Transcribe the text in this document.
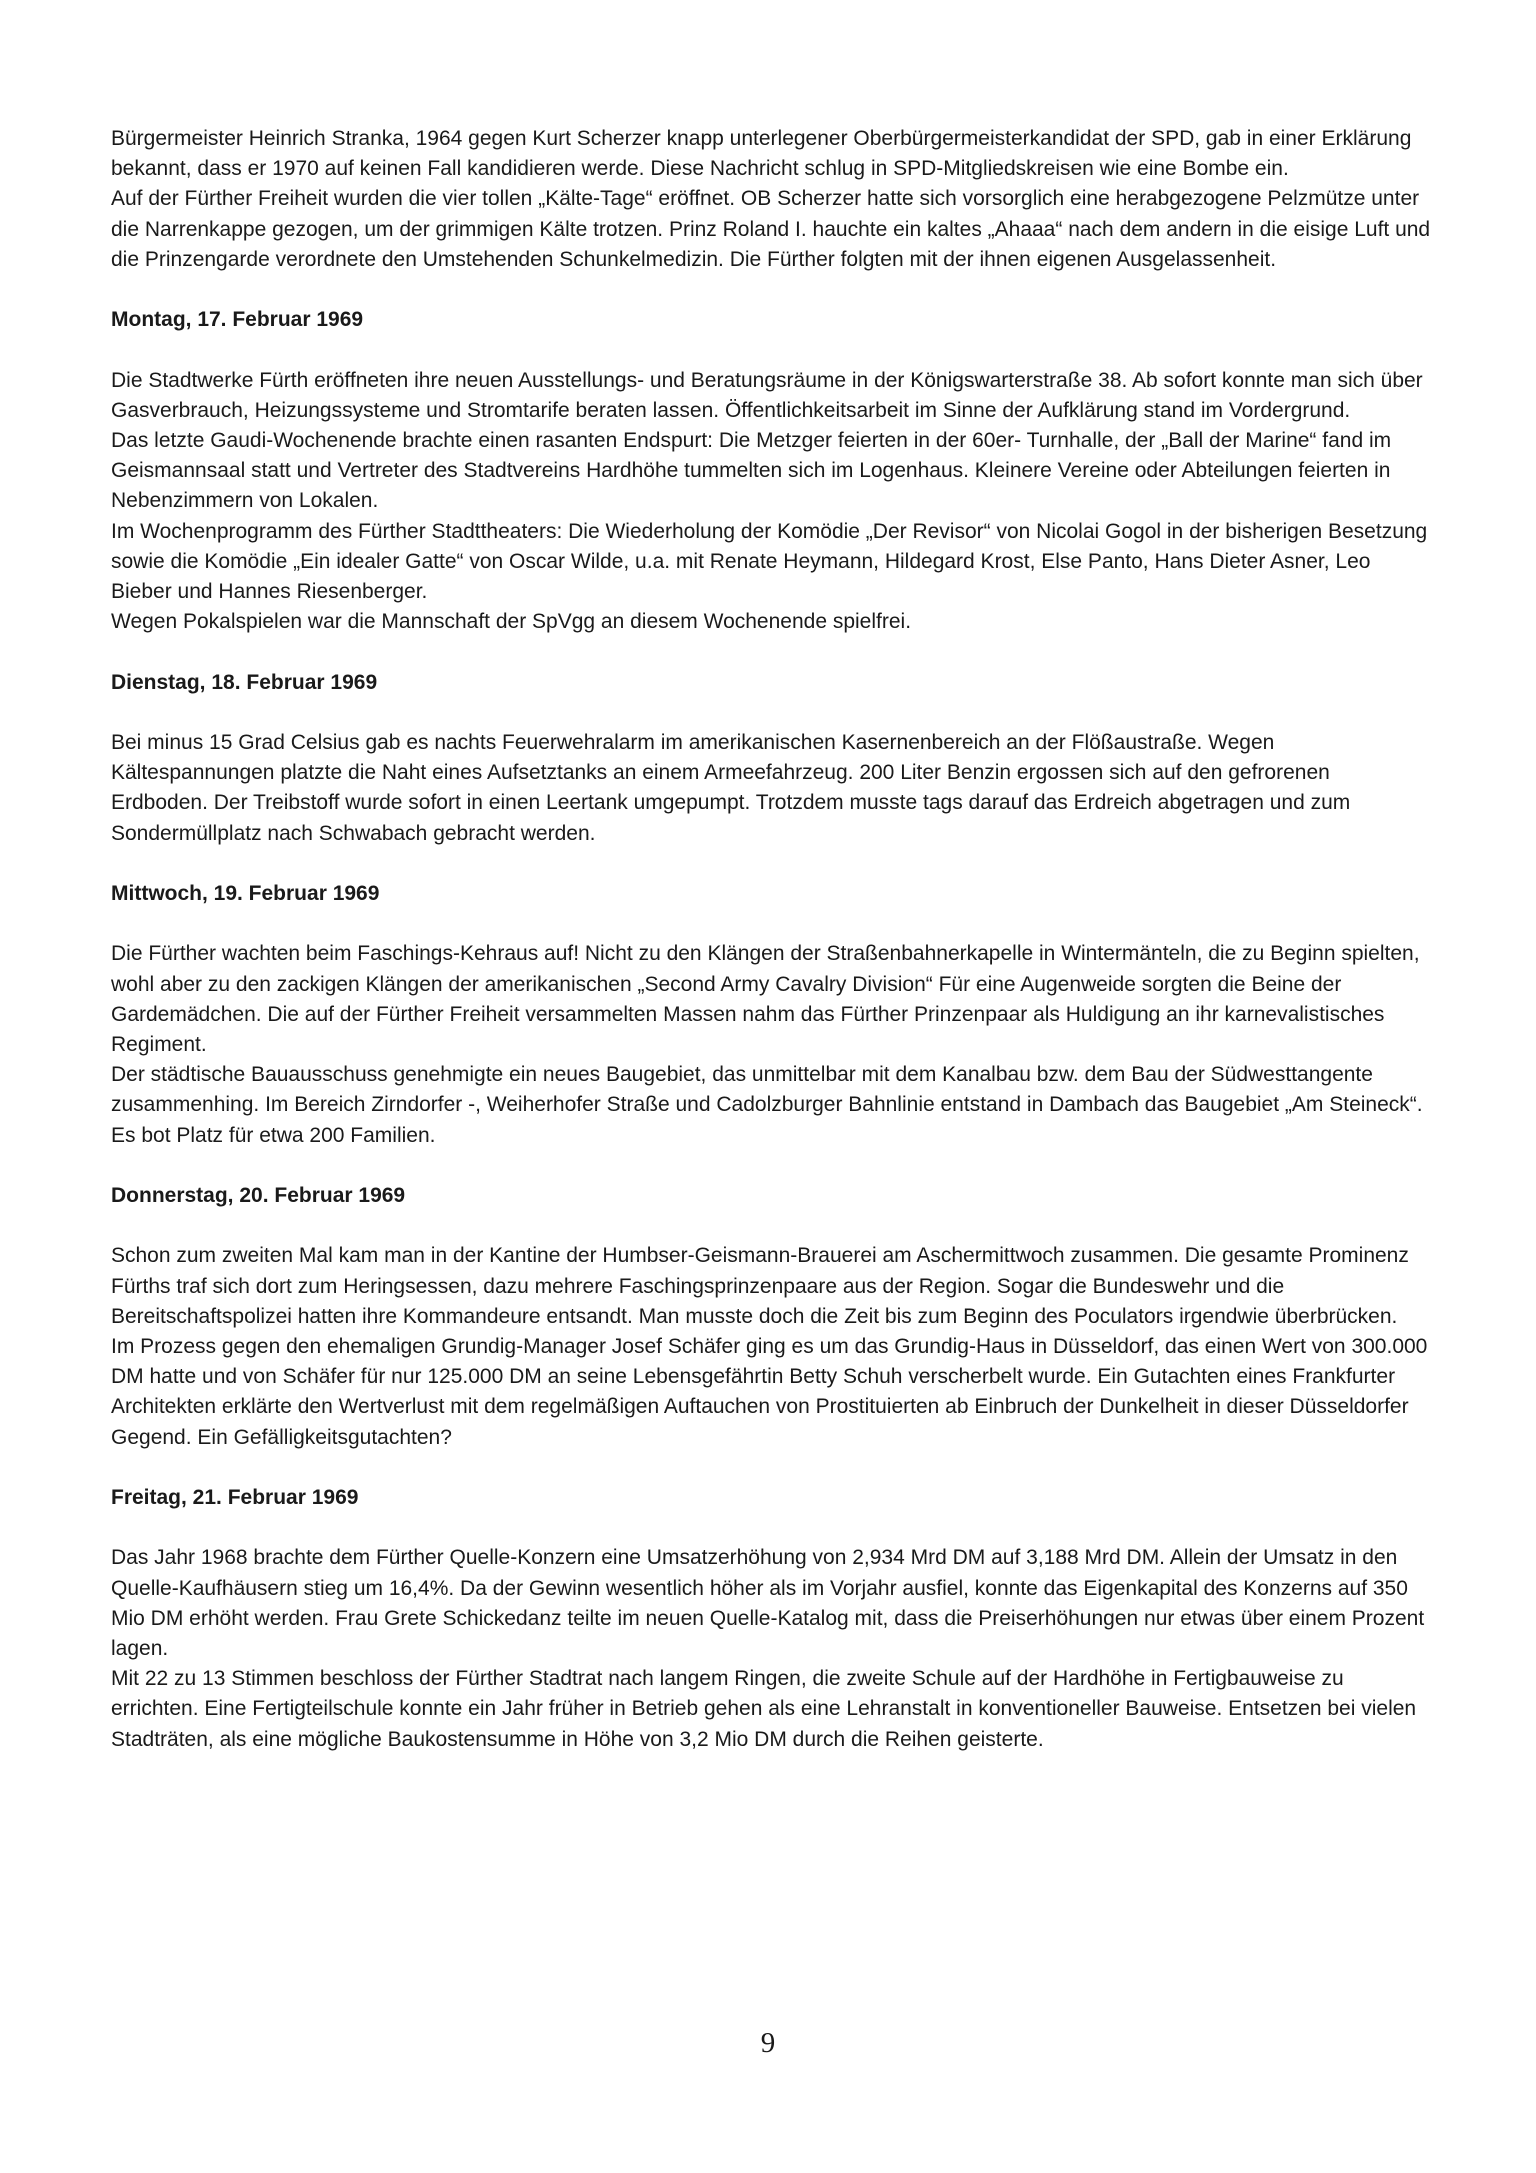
Bürgermeister Heinrich Stranka, 1964 gegen Kurt Scherzer knapp unterlegener Oberbürgermeisterkandidat der SPD, gab in einer Erklärung bekannt, dass er 1970 auf keinen Fall kandidieren werde. Diese Nachricht schlug in SPD-Mitgliedskreisen wie eine Bombe ein.

Auf der Fürther Freiheit wurden die vier tollen „Kälte-Tage“ eröffnet. OB Scherzer hatte sich vorsorglich eine herabgezogene Pelzmütze unter die Narrenkappe gezogen, um der grimmigen Kälte trotzen. Prinz Roland I. hauchte ein kaltes „Ahaaa“ nach dem andern in die eisige Luft und die Prinzengarde verordnete den Umstehenden Schunkelmedizin. Die Fürther folgten mit der ihnen eigenen Ausgelassenheit.

Montag, 17. Februar 1969

Die Stadtwerke Fürth eröffneten ihre neuen Ausstellungs- und Beratungsräume in der Königswarterstraße 38. Ab sofort konnte man sich über Gasverbrauch, Heizungssysteme und Stromtarife beraten lassen. Öffentlichkeitsarbeit im Sinne der Aufklärung stand im Vordergrund.

Das letzte Gaudi-Wochenende brachte einen rasanten Endspurt: Die Metzger feierten in der 60er- Turnhalle, der „Ball der Marine“ fand im Geismannsaal statt und Vertreter des Stadtvereins Hardhöhe tummelten sich im Logenhaus. Kleinere Vereine oder Abteilungen feierten in Nebenzimmern von Lokalen.

Im Wochenprogramm des Fürther Stadttheaters: Die Wiederholung der Komödie „Der Revisor“ von Nicolai Gogol in der bisherigen Besetzung sowie die Komödie „Ein idealer Gatte“ von Oscar Wilde, u.a. mit Renate Heymann, Hildegard Krost, Else Panto, Hans Dieter Asner, Leo Bieber und Hannes Riesenberger.

Wegen Pokalspielen war die Mannschaft der SpVgg an diesem Wochenende spielfrei.

Dienstag, 18. Februar 1969

Bei minus 15 Grad Celsius gab es nachts Feuerwehralarm im amerikanischen Kasernenbereich an der Flößaustraße. Wegen Kältespannungen platzte die Naht eines Aufsetztanks an einem Armeefahrzeug. 200 Liter Benzin ergossen sich auf den gefrorenen Erdboden. Der Treibstoff wurde sofort in einen Leertank umgepumpt. Trotzdem musste tags darauf das Erdreich abgetragen und zum Sondermüllplatz nach Schwabach gebracht werden.

Mittwoch, 19. Februar 1969

Die Fürther wachten beim Faschings-Kehraus auf! Nicht zu den Klängen der Straßenbahnerkapelle in Wintermänteln, die zu Beginn spielten, wohl aber zu den zackigen Klängen der amerikanischen „Second Army Cavalry Division“ Für eine Augenweide sorgten die Beine der Gardemädchen. Die auf der Fürther Freiheit versammelten Massen nahm das Fürther Prinzenpaar als Huldigung an ihr karnevalistisches Regiment.

Der städtische Bauausschuss genehmigte ein neues Baugebiet, das unmittelbar mit dem Kanalbau bzw. dem Bau der Südwesttangente zusammenhing. Im Bereich Zirndorfer -, Weiherhofer Straße und Cadolzburger Bahnlinie entstand in Dambach das Baugebiet „Am Steineck“. Es bot Platz für etwa 200 Familien.

Donnerstag, 20. Februar 1969

Schon zum zweiten Mal kam man in der Kantine der Humbser-Geismann-Brauerei am Aschermittwoch zusammen. Die gesamte Prominenz Fürths traf sich dort zum Heringsessen, dazu mehrere Faschingsprinzenpaare aus der Region. Sogar die Bundeswehr und die Bereitschaftspolizei hatten ihre Kommandeure entsandt. Man musste doch die Zeit bis zum Beginn des Poculators irgendwie überbrücken.

Im Prozess gegen den ehemaligen Grundig-Manager Josef Schäfer ging es um das Grundig-Haus in Düsseldorf, das einen Wert von 300.000 DM hatte und von Schäfer für nur 125.000 DM an seine Lebensgefährtin Betty Schuh verscherbelt wurde. Ein Gutachten eines Frankfurter Architekten erklärte den Wertverlust mit dem regelmäßigen Auftauchen von Prostituierten ab Einbruch der Dunkelheit in dieser Düsseldorfer Gegend. Ein Gefälligkeitsgutachten?

Freitag, 21. Februar 1969

Das Jahr 1968 brachte dem Fürther Quelle-Konzern eine Umsatzerhöhung von 2,934 Mrd DM auf 3,188 Mrd DM. Allein der Umsatz in den Quelle-Kaufhäusern stieg um 16,4%. Da der Gewinn wesentlich höher als im Vorjahr ausfiel, konnte das Eigenkapital des Konzerns auf 350 Mio DM erhöht werden. Frau Grete Schickedanz teilte im neuen Quelle-Katalog mit, dass die Preiserhöhungen nur etwas über einem Prozent lagen.

Mit 22 zu 13 Stimmen beschloss der Fürther Stadtrat nach langem Ringen, die zweite Schule auf der Hardhöhe in Fertigbauweise zu errichten. Eine Fertigteilschule konnte ein Jahr früher in Betrieb gehen als eine Lehranstalt in konventioneller Bauweise. Entsetzen bei vielen Stadträten, als eine mögliche Baukostensumme in Höhe von 3,2 Mio DM durch die Reihen geisterte.

9
